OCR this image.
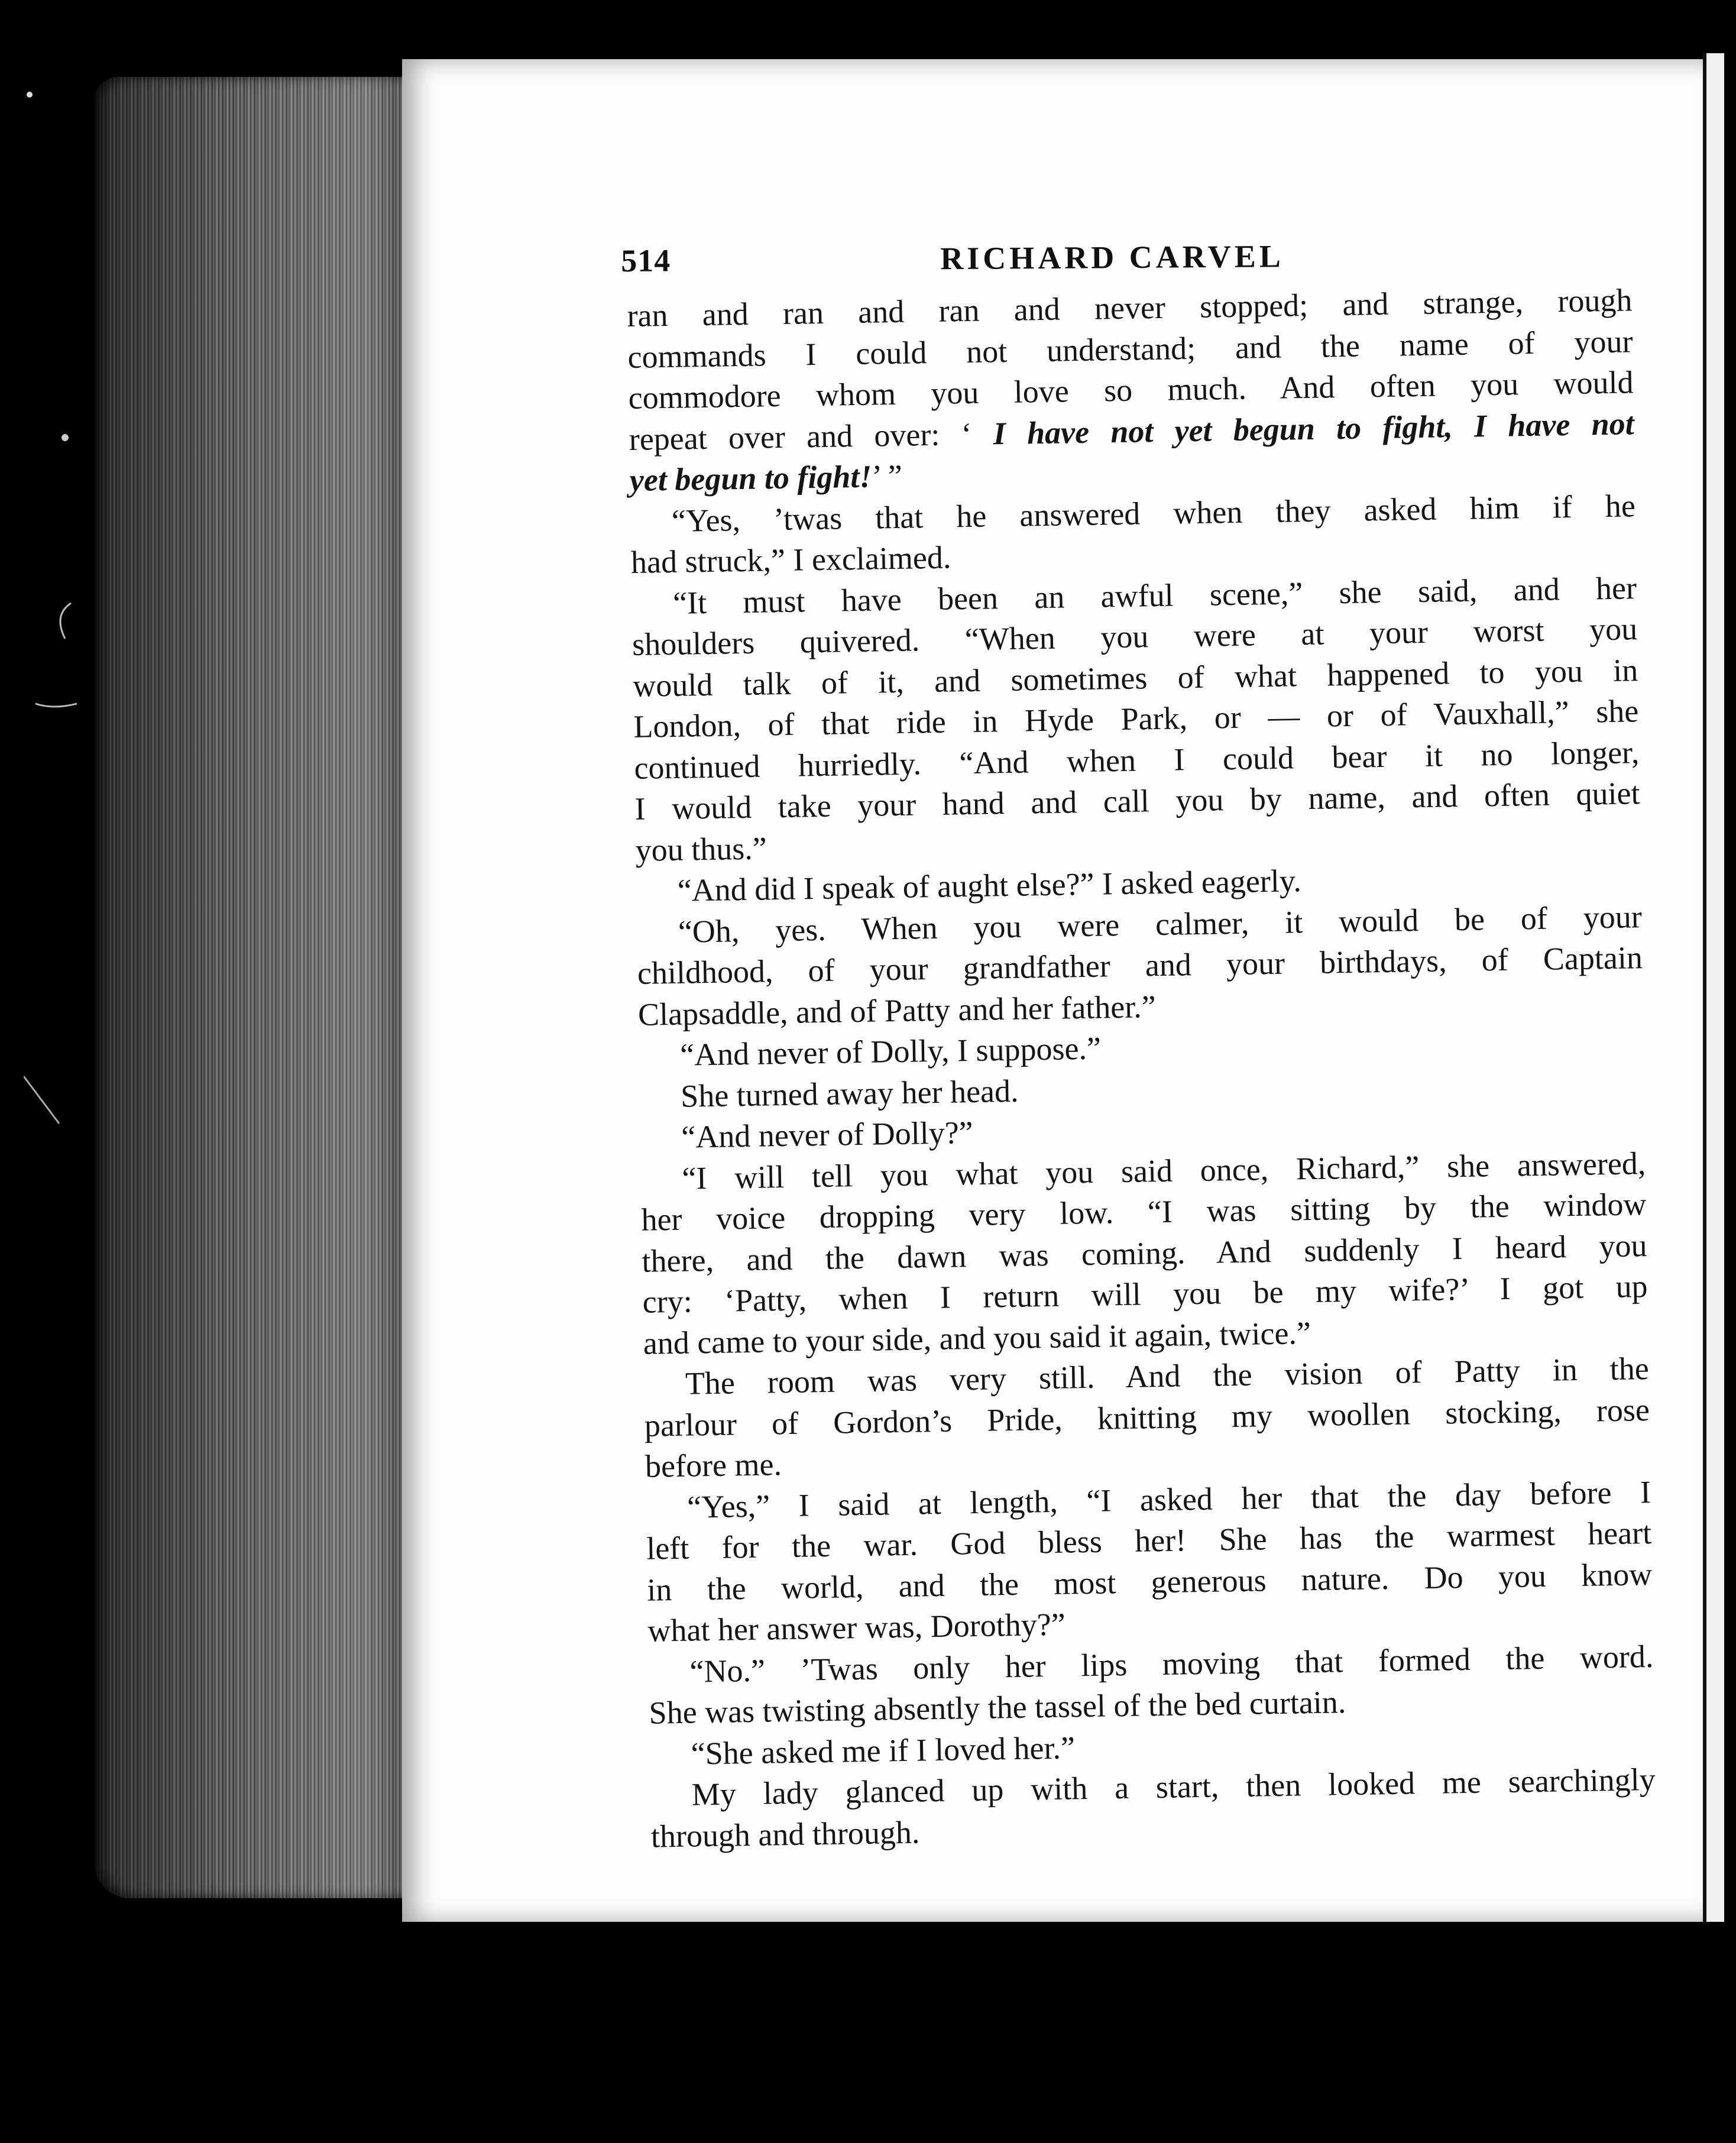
514	RICHARD CARVEL
ran and ran and ran and never stopped; and strange, rough
commands I could not understand; and the name of your
commodore whom you love so much. And often you would
repeat over and over: ‘ I have not yet begun to fight, I have not
yet begun to fight!’ ”
“Yes, ’twas that he answered when they asked him if he
had struck,” I exclaimed.
“It must have been an awful scene,” she said, and her
shoulders quivered. “When you were at your worst you
would talk of it, and sometimes of what happened to you in
London, of that ride in Hyde Park, or — or of Vauxhall,” she
continued hurriedly. “And when I could bear it no longer,
I would take your hand and call you by name, and often quiet
you thus.”
“And did I speak of aught else?” I asked eagerly.
“Oh, yes. When you were calmer, it would be of your
childhood, of your grandfather and your birthdays, of Captain
Clapsaddle, and of Patty and her father.”
“And never of Dolly, I suppose.”
She turned away her head.
“And never of Dolly?”
“I will tell you what you said once, Richard,” she answered,
her voice dropping very low. “I was sitting by the window
there, and the dawn was coming. And suddenly I heard you
cry: ‘Patty, when I return will you be my wife?’ I got up
and came to your side, and you said it again, twice.”
The room was very still. And the vision of Patty in the
parlour of Gordon’s Pride, knitting my woollen stocking, rose
before me.
“Yes,” I said at length, “I asked her that the day before I
left for the war. God bless her! She has the warmest heart
in the world, and the most generous nature. Do you know
what her answer was, Dorothy?”
“No.” ’Twas only her lips moving that formed the word.
She was twisting absently the tassel of the bed curtain.
“She asked me if I loved her.”
My lady glanced up with a start, then looked me searchingly
through and through.
